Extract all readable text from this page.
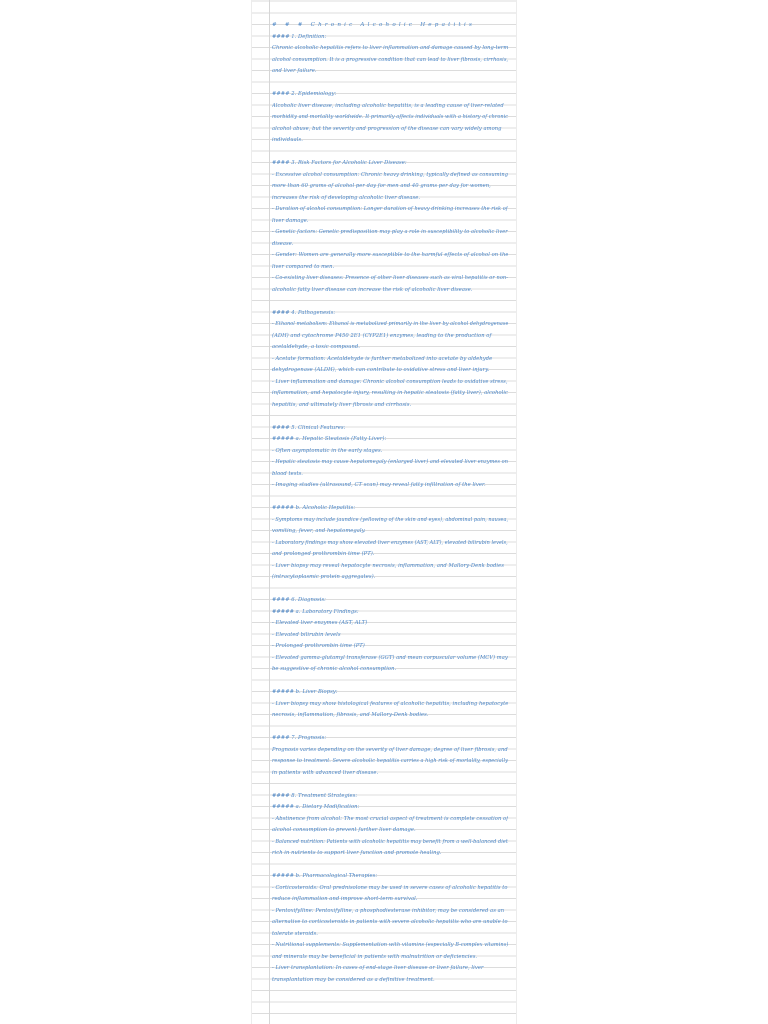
# # # Chronic Alcoholic Hepatitis
#### 1. Definition:
Chronic alcoholic hepatitis refers to liver inflammation and damage caused by long-term
alcohol consumption. It is a progressive condition that can lead to liver fibrosis, cirrhosis,
and liver failure.
#### 2. Epidemiology:
Alcoholic liver disease, including alcoholic hepatitis, is a leading cause of liver-related
morbidity and mortality worldwide. It primarily affects individuals with a history of chronic
alcohol abuse, but the severity and progression of the disease can vary widely among
individuals.
#### 3. Risk Factors for Alcoholic Liver Disease:
- Excessive alcohol consumption: Chronic heavy drinking, typically defined as consuming
more than 60 grams of alcohol per day for men and 40 grams per day for women,
increases the risk of developing alcoholic liver disease.
- Duration of alcohol consumption: Longer duration of heavy drinking increases the risk of
liver damage.
- Genetic factors: Genetic predisposition may play a role in susceptibility to alcoholic liver
disease.
- Gender: Women are generally more susceptible to the harmful effects of alcohol on the
liver compared to men.
- Co-existing liver diseases: Presence of other liver diseases such as viral hepatitis or non-
alcoholic fatty liver disease can increase the risk of alcoholic liver disease.
#### 4. Pathogenesis:
- Ethanol metabolism: Ethanol is metabolized primarily in the liver by alcohol dehydrogenase
(ADH) and cytochrome P450 2E1 (CYP2E1) enzymes, leading to the production of
acetaldehyde, a toxic compound.
- Acetate formation: Acetaldehyde is further metabolized into acetate by aldehyde
dehydrogenase (ALDH), which can contribute to oxidative stress and liver injury.
- Liver inflammation and damage: Chronic alcohol consumption leads to oxidative stress,
inflammation, and hepatocyte injury, resulting in hepatic steatosis (fatty liver), alcoholic
hepatitis, and ultimately liver fibrosis and cirrhosis.
#### 5. Clinical Features:
##### a. Hepatic Steatosis (Fatty Liver):
- Often asymptomatic in the early stages.
- Hepatic steatosis may cause hepatomegaly (enlarged liver) and elevated liver enzymes on
blood tests.
- Imaging studies (ultrasound, CT scan) may reveal fatty infiltration of the liver.
##### b. Alcoholic Hepatitis:
- Symptoms may include jaundice (yellowing of the skin and eyes), abdominal pain, nausea,
vomiting, fever, and hepatomegaly.
- Laboratory findings may show elevated liver enzymes (AST, ALT), elevated bilirubin levels,
and prolonged prothrombin time (PT).
- Liver biopsy may reveal hepatocyte necrosis, inflammation, and Mallory-Denk bodies
(intracytoplasmic protein aggregates).
#### 6. Diagnosis:
##### a. Laboratory Findings:
- Elevated liver enzymes (AST, ALT)
- Elevated bilirubin levels
- Prolonged prothrombin time (PT)
- Elevated gamma-glutamyl transferase (GGT) and mean corpuscular volume (MCV) may
be suggestive of chronic alcohol consumption.
##### b. Liver Biopsy:
- Liver biopsy may show histological features of alcoholic hepatitis, including hepatocyte
necrosis, inflammation, fibrosis, and Mallory-Denk bodies.
#### 7. Prognosis:
Prognosis varies depending on the severity of liver damage, degree of liver fibrosis, and
response to treatment. Severe alcoholic hepatitis carries a high risk of mortality, especially
in patients with advanced liver disease.
#### 8. Treatment Strategies:
##### a. Dietary Modification:
- Abstinence from alcohol: The most crucial aspect of treatment is complete cessation of
alcohol consumption to prevent further liver damage.
- Balanced nutrition: Patients with alcoholic hepatitis may benefit from a well-balanced diet
rich in nutrients to support liver function and promote healing.
##### b. Pharmacological Therapies:
- Corticosteroids: Oral prednisolone may be used in severe cases of alcoholic hepatitis to
reduce inflammation and improve short-term survival.
- Pentoxifylline: Pentoxifylline, a phosphodiesterase inhibitor, may be considered as an
alternative to corticosteroids in patients with severe alcoholic hepatitis who are unable to
tolerate steroids.
- Nutritional supplements: Supplementation with vitamins (especially B-complex vitamins)
and minerals may be beneficial in patients with malnutrition or deficiencies.
- Liver transplantation: In cases of end-stage liver disease or liver failure, liver
transplantation may be considered as a definitive treatment.
